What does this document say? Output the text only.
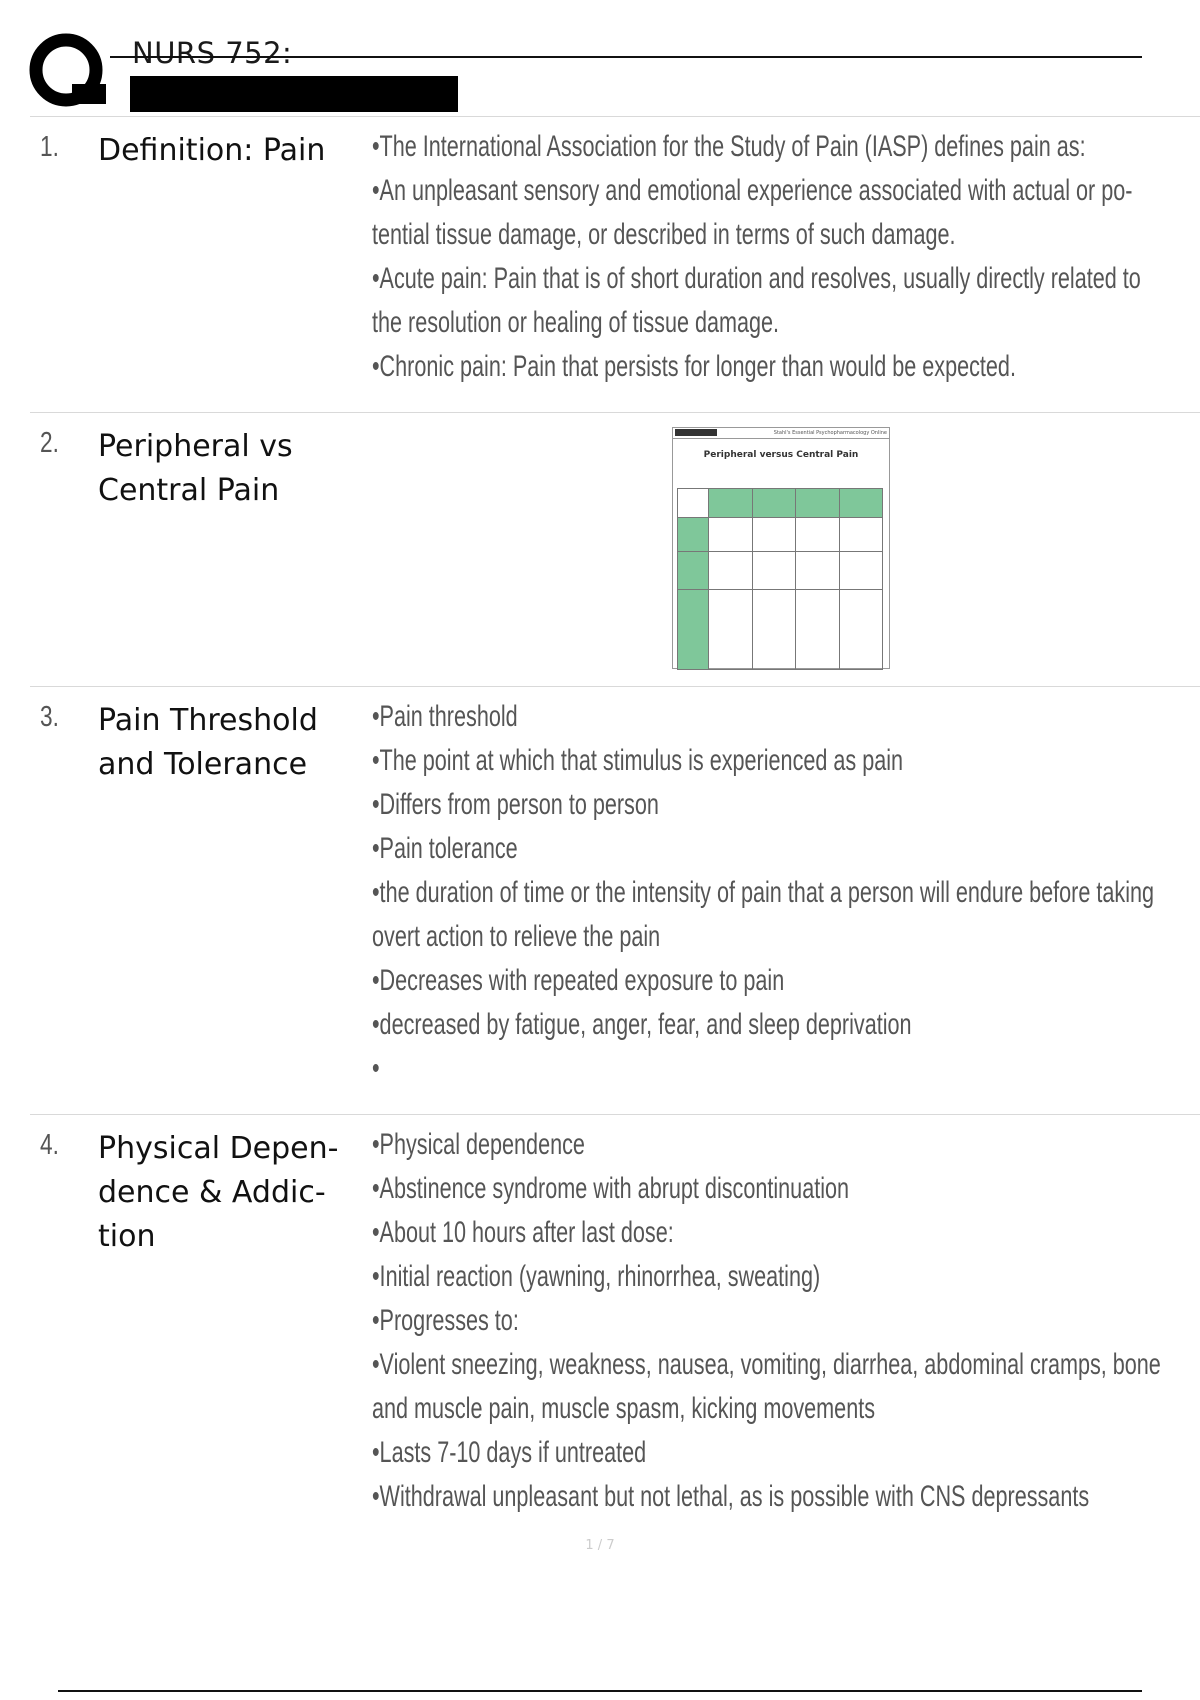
NURS 752:
1. Definition: Pain	•The International Association for the Study of Pain (IASP) defines pain as:

•An unpleasant sensory and emotional experience associated with actual or po-

tential tissue damage, or described in terms of such damage.

•Acute pain: Pain that is of short duration and resolves, usually directly related to

the resolution or healing of tissue damage.

•Chronic pain: Pain that persists for longer than would be expected.

2. Peripheral vs Central Pain
Stahl's Essential Psychopharmacology Online
Peripheral versus Central Pain

3. Pain Threshold and Tolerance

•Pain threshold

•The point at which that stimulus is experienced as pain

•Differs from person to person

•Pain tolerance

•the duration of time or the intensity of pain that a person will endure before taking

overt action to relieve the pain

•Decreases with repeated exposure to pain

•decreased by fatigue, anger, fear, and sleep deprivation

•

4. Physical Depen- dence & Addic- tion

•Physical dependence

•Abstinence syndrome with abrupt discontinuation

•About 10 hours after last dose:

•Initial reaction (yawning, rhinorrhea, sweating)

•Progresses to:

•Violent sneezing, weakness, nausea, vomiting, diarrhea, abdominal cramps, bone

and muscle pain, muscle spasm, kicking movements

•Lasts 7-10 days if untreated

•Withdrawal unpleasant but not lethal, as is possible with CNS depressants

1 / 7
